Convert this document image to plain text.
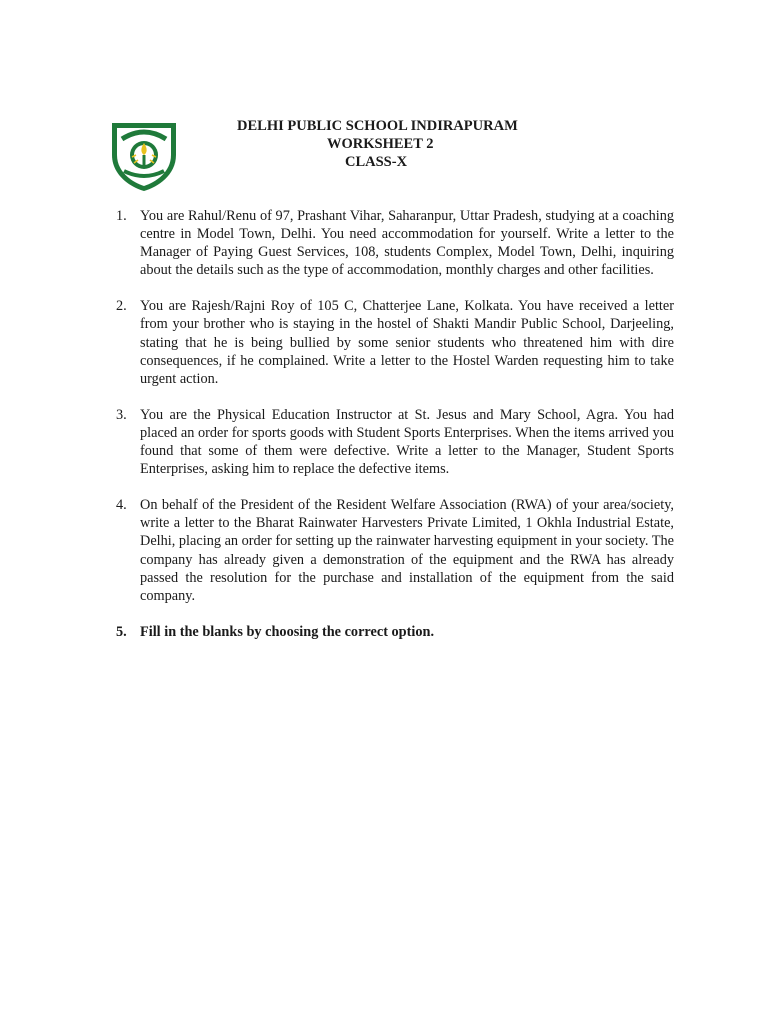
DELHI PUBLIC SCHOOL INDIRAPURAM
WORKSHEET 2
CLASS-X
1. You are Rahul/Renu of 97, Prashant Vihar, Saharanpur, Uttar Pradesh, studying at a coaching centre in Model Town, Delhi. You need accommodation for yourself. Write a letter to the Manager of Paying Guest Services, 108, students Complex, Model Town, Delhi, inquiring about the details such as the type of accommodation, monthly charges and other facilities.
2. You are Rajesh/Rajni Roy of 105 C, Chatterjee Lane, Kolkata. You have received a letter from your brother who is staying in the hostel of Shakti Mandir Public School, Darjeeling, stating that he is being bullied by some senior students who threatened him with dire consequences, if he complained. Write a letter to the Hostel Warden requesting him to take urgent action.
3. You are the Physical Education Instructor at St. Jesus and Mary School, Agra. You had placed an order for sports goods with Student Sports Enterprises. When the items arrived you found that some of them were defective. Write a letter to the Manager, Student Sports Enterprises, asking him to replace the defective items.
4. On behalf of the President of the Resident Welfare Association (RWA) of your area/society, write a letter to the Bharat Rainwater Harvesters Private Limited, 1 Okhla Industrial Estate, Delhi, placing an order for setting up the rainwater harvesting equipment in your society. The company has already given a demonstration of the equipment and the RWA has already passed the resolution for the purchase and installation of the equipment from the said company.
5. Fill in the blanks by choosing the correct option.
